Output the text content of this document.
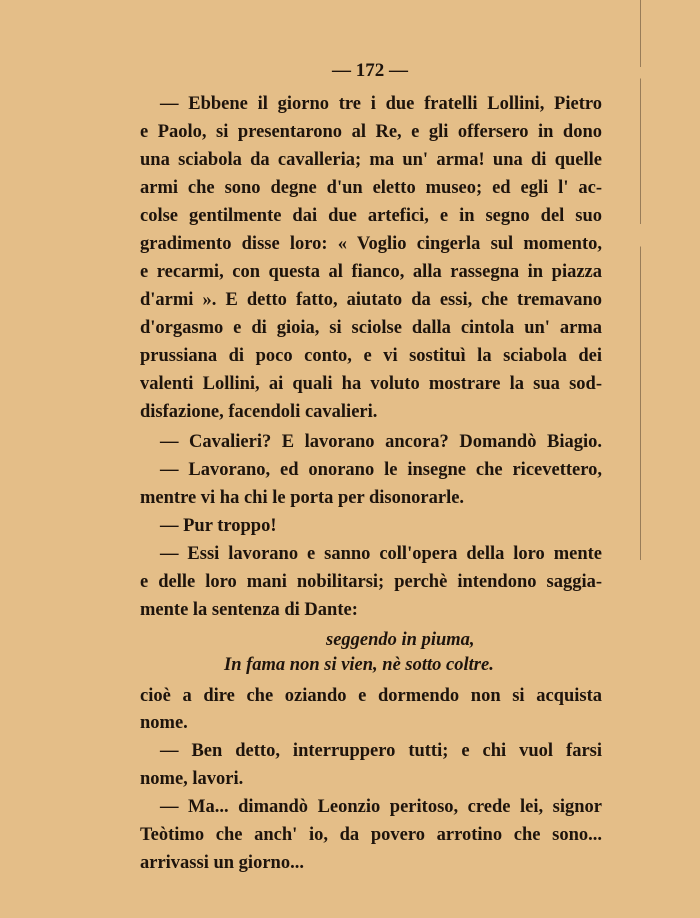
— 172 —
— Ebbene il giorno tre i due fratelli Lollini, Pietro
e Paolo, si presentarono al Re, e gli offersero in dono
una sciabola da cavalleria; ma un' arma! una di quelle
armi che sono degne d'un eletto museo; ed egli l' ac-
colse gentilmente dai due artefici, e in segno del suo
gradimento disse loro: « Voglio cingerla sul momento,
e recarmi, con questa al fianco, alla rassegna in piazza
d'armi ». E detto fatto, aiutato da essi, che tremavano
d'orgasmo e di gioia, si sciolse dalla cintola un' arma
prussiana di poco conto, e vi sostituì la sciabola dei
valenti Lollini, ai quali ha voluto mostrare la sua sod-
disfazione, facendoli cavalieri.
— Cavalieri? E lavorano ancora? Domandò Biagio.
— Lavorano, ed onorano le insegne che ricevettero,
mentre vi ha chi le porta per disonorarle.
— Pur troppo!
— Essi lavorano e sanno coll'opera della loro mente
e delle loro mani nobilitarsi; perchè intendono saggia-
mente la sentenza di Dante:
seggendo in piuma,
In fama non si vien, nè sotto coltre.
cioè a dire che oziando e dormendo non si acquista
nome.
— Ben detto, interruppero tutti; e chi vuol farsi
nome, lavori.
— Ma... dimandò Leonzio peritoso, crede lei, signor
Teòtimo che anch' io, da povero arrotino che sono...
arrivassi un giorno...
